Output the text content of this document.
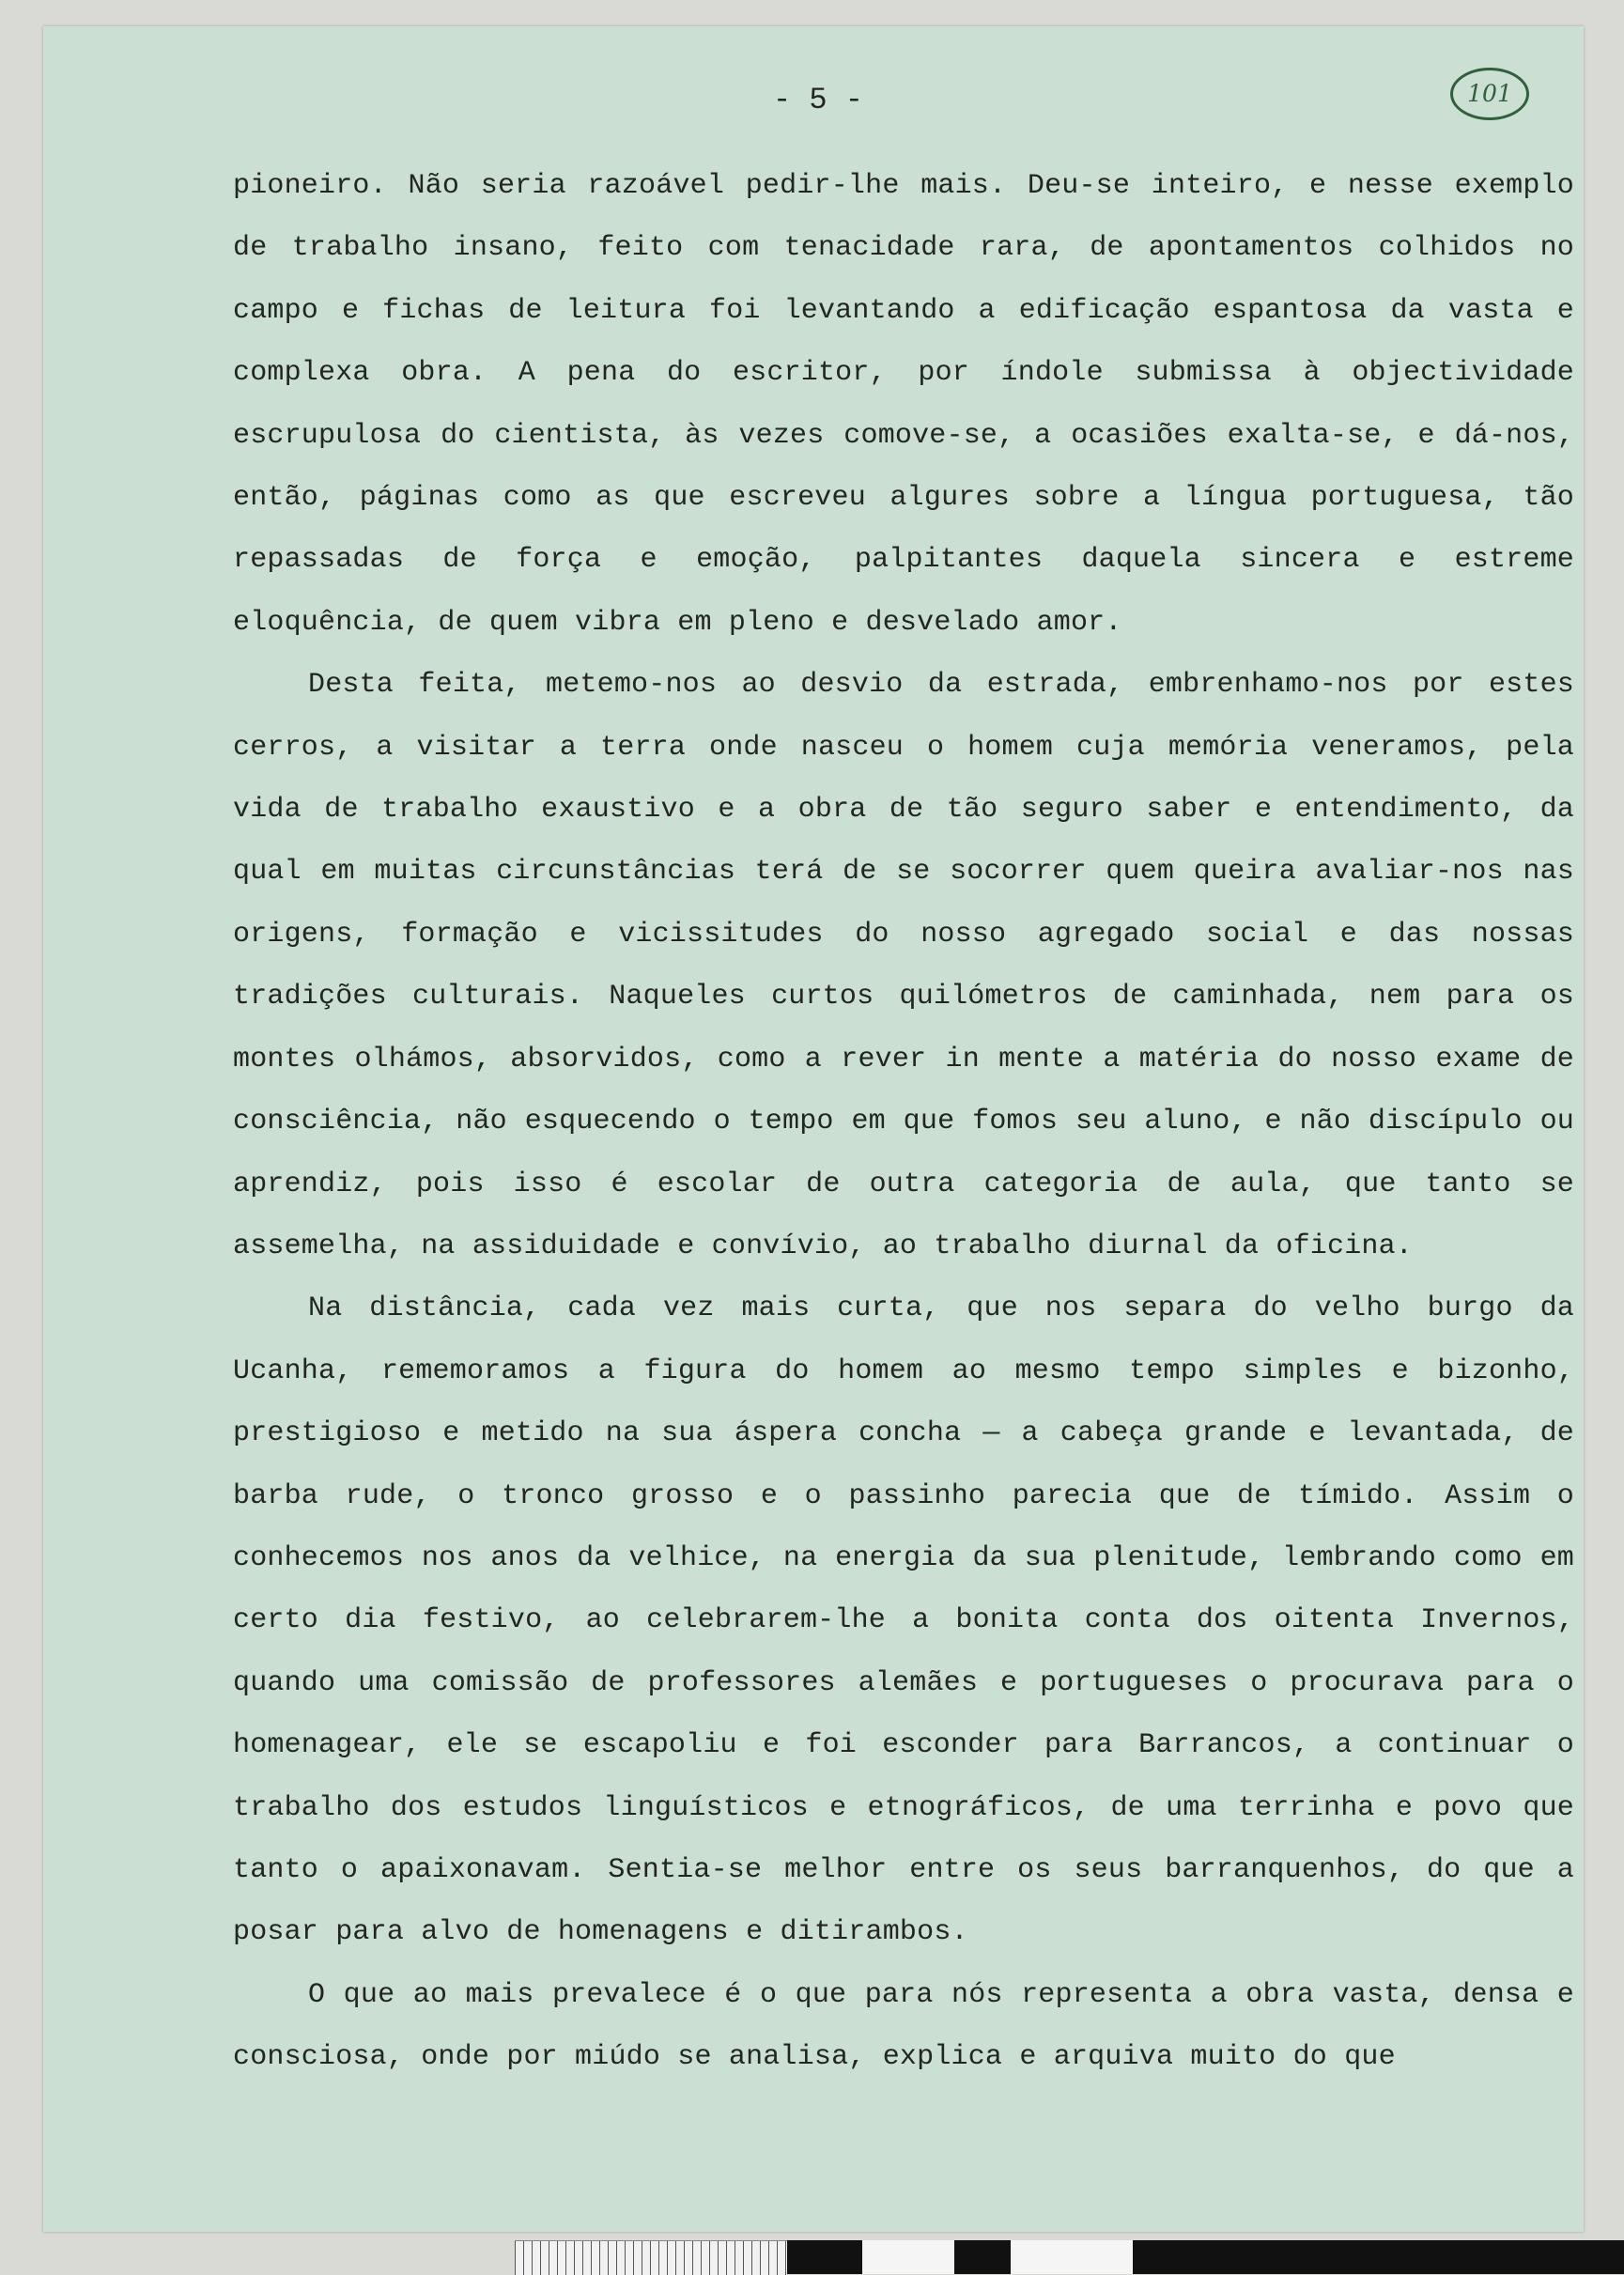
- 5 -	101

pioneiro. Não seria razoável pedir-lhe mais. Deu-se inteiro, e nesse exemplo de trabalho insano, feito com tenacidade rara, de apontamentos colhidos no campo e fichas de leitura foi levantando a edificação espantosa da vasta e complexa obra. A pena do escritor, por índole submissa à objectividade escrupulosa do cientista, às vezes comove-se, a ocasiões exalta-se, e dá-nos, então, páginas como as que escreveu algures sobre a língua portuguesa, tão repassadas de força e emoção, palpitantes daquela sincera e estreme eloquência, de quem vibra em pleno e desvelado amor.

Desta feita, metemo-nos ao desvio da estrada, embrenhamo-nos por estes cerros, a visitar a terra onde nasceu o homem cuja memória veneramos, pela vida de trabalho exaustivo e a obra de tão seguro saber e entendimento, da qual em muitas circunstâncias terá de se socorrer quem queira avaliar-nos nas origens, formação e vicissitudes do nosso agregado social e das nossas tradições culturais. Naqueles curtos quilómetros de caminhada, nem para os montes olhámos, absorvidos, como a rever in mente a matéria do nosso exame de consciência, não esquecendo o tempo em que fomos seu aluno, e não discípulo ou aprendiz, pois isso é escolar de outra categoria de aula, que tanto se assemelha, na assiduidade e convívio, ao trabalho diurnal da oficina.

Na distância, cada vez mais curta, que nos separa do velho burgo da Ucanha, rememoramos a figura do homem ao mesmo tempo simples e bizonho, prestigioso e metido na sua áspera concha — a cabeça grande e levantada, de barba rude, o tronco grosso e o passinho parecia que de tímido. Assim o conhecemos nos anos da velhice, na energia da sua plenitude, lembrando como em certo dia festivo, ao celebrarem-lhe a bonita conta dos oitenta Invernos, quando uma comissão de professores alemães e portugueses o procurava para o homenagear, ele se escapoliu e foi esconder para Barrancos, a continuar o trabalho dos estudos linguísticos e etnográficos, de uma terrinha e povo que tanto o apaixonavam. Sentia-se melhor entre os seus barranquenhos, do que a posar para alvo de homenagens e ditirambos.

O que ao mais prevalece é o que para nós representa a obra vasta, densa e consciosa, onde por miúdo se analisa, explica e arquiva muito do que
